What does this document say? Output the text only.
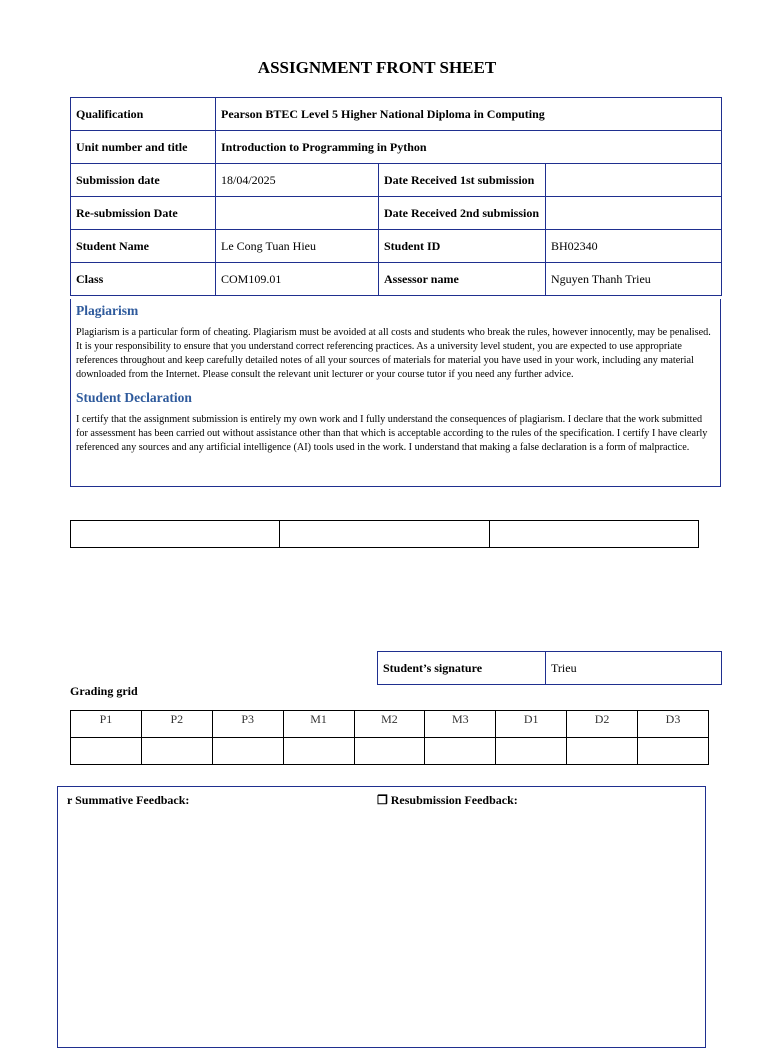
ASSIGNMENT FRONT SHEET
Qualification	Pearson BTEC Level 5 Higher National Diploma in Computing		
Unit number and title	Introduction to Programming in Python		
Submission date	18/04/2025	Date Received 1st submission	
Re-submission Date		Date Received 2nd submission	
Student Name	Le Cong Tuan Hieu	Student ID	BH02340
Class	COM109.01	Assessor name	Nguyen Thanh Trieu
Plagiarism
Plagiarism is a particular form of cheating. Plagiarism must be avoided at all costs and students who break the rules, however innocently, may be penalised. It is your responsibility to ensure that you understand correct referencing practices. As a university level student, you are expected to use appropriate references throughout and keep carefully detailed notes of all your sources of materials for material you have used in your work, including any material downloaded from the Internet. Please consult the relevant unit lecturer or your course tutor if you need any further advice.
Student Declaration
I certify that the assignment submission is entirely my own work and I fully understand the consequences of plagiarism. I declare that the work submitted for assessment has been carried out without assistance other than that which is acceptable according to the rules of the specification. I certify I have clearly referenced any sources and any artificial intelligence (AI) tools used in the work. I understand that making a false declaration is a form of malpractice.

Student’s signature	Trieu
Grading grid
P1	P2	P3	M1	M2	M3	D1	D2	D3

r Summative Feedback:	❒ Resubmission Feedback:
